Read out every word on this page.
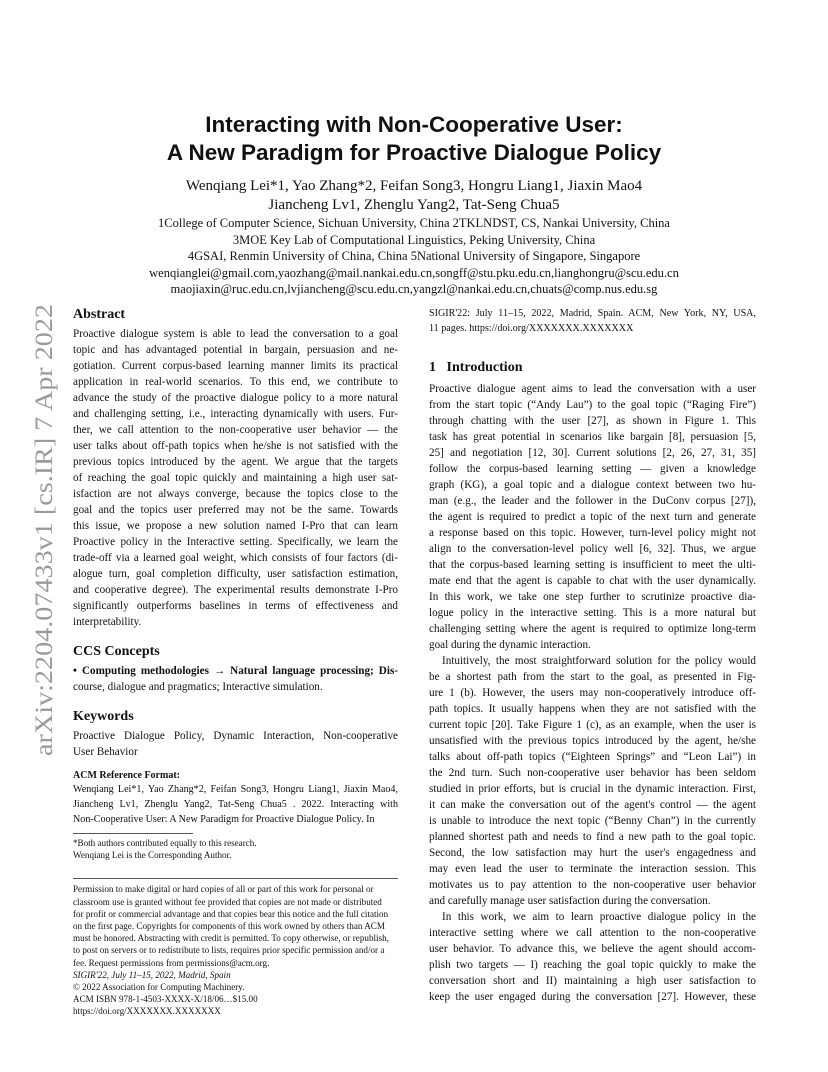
arXiv:2204.07433v1 [cs.IR] 7 Apr 2022
Interacting with Non-Cooperative User:
A New Paradigm for Proactive Dialogue Policy
Wenqiang Lei*1, Yao Zhang*2, Feifan Song3, Hongru Liang1, Jiaxin Mao4
Jiancheng Lv1, Zhenglu Yang2, Tat-Seng Chua5
1College of Computer Science, Sichuan University, China 2TKLNDST, CS, Nankai University, China
3MOE Key Lab of Computational Linguistics, Peking University, China
4GSAI, Renmin University of China, China 5National University of Singapore, Singapore
wenqianglei@gmail.com,yaozhang@mail.nankai.edu.cn,songff@stu.pku.edu.cn,lianghongru@scu.edu.cn
maojiaxin@ruc.edu.cn,lvjiancheng@scu.edu.cn,yangzl@nankai.edu.cn,chuats@comp.nus.edu.sg
Abstract

Proactive dialogue system is able to lead the conversation to a goal
topic and has advantaged potential in bargain, persuasion and ne-
gotiation. Current corpus-based learning manner limits its practical
application in real-world scenarios. To this end, we contribute to
advance the study of the proactive dialogue policy to a more natural
and challenging setting, i.e., interacting dynamically with users. Fur-
ther, we call attention to the non-cooperative user behavior — the
user talks about off-path topics when he/she is not satisfied with the
previous topics introduced by the agent. We argue that the targets
of reaching the goal topic quickly and maintaining a high user sat-
isfaction are not always converge, because the topics close to the
goal and the topics user preferred may not be the same. Towards
this issue, we propose a new solution named I-Pro that can learn
Proactive policy in the Interactive setting. Specifically, we learn the
trade-off via a learned goal weight, which consists of four factors (di-
alogue turn, goal completion difficulty, user satisfaction estimation,
and cooperative degree). The experimental results demonstrate I-Pro
significantly outperforms baselines in terms of effectiveness and
interpretability.

CCS Concepts

• Computing methodologies → Natural language processing; Dis-
course, dialogue and pragmatics; Interactive simulation.

Keywords

Proactive Dialogue Policy, Dynamic Interaction, Non-cooperative
User Behavior

ACM Reference Format:

Wenqiang Lei*1, Yao Zhang*2, Feifan Song3, Hongru Liang1, Jiaxin Mao4,
Jiancheng Lv1, Zhenglu Yang2, Tat-Seng Chua5 . 2022. Interacting with
Non-Cooperative User: A New Paradigm for Proactive Dialogue Policy. In

*Both authors contributed equally to this research.
Wenqiang Lei is the Corresponding Author.
Permission to make digital or hard copies of all or part of this work for personal or
classroom use is granted without fee provided that copies are not made or distributed
for profit or commercial advantage and that copies bear this notice and the full citation
on the first page. Copyrights for components of this work owned by others than ACM
must be honored. Abstracting with credit is permitted. To copy otherwise, or republish,
to post on servers or to redistribute to lists, requires prior specific permission and/or a
fee. Request permissions from permissions@acm.org.
SIGIR'22, July 11–15, 2022, Madrid, Spain
© 2022 Association for Computing Machinery.
ACM ISBN 978-1-4503-XXXX-X/18/06…$15.00
https://doi.org/XXXXXXX.XXXXXXX

SIGIR'22: July 11–15, 2022, Madrid, Spain. ACM, New York, NY, USA,
11 pages. https://doi.org/XXXXXXX.XXXXXXX

1   Introduction

Proactive dialogue agent aims to lead the conversation with a user
from the start topic (“Andy Lau”) to the goal topic (“Raging Fire”)
through chatting with the user [27], as shown in Figure 1. This
task has great potential in scenarios like bargain [8], persuasion [5,
25] and negotiation [12, 30]. Current solutions [2, 26, 27, 31, 35]
follow the corpus-based learning setting — given a knowledge
graph (KG), a goal topic and a dialogue context between two hu-
man (e.g., the leader and the follower in the DuConv corpus [27]),
the agent is required to predict a topic of the next turn and generate
a response based on this topic. However, turn-level policy might not
align to the conversation-level policy well [6, 32]. Thus, we argue
that the corpus-based learning setting is insufficient to meet the ulti-
mate end that the agent is capable to chat with the user dynamically.
In this work, we take one step further to scrutinize proactive dia-
logue policy in the interactive setting. This is a more natural but
challenging setting where the agent is required to optimize long-term
goal during the dynamic interaction.

Intuitively, the most straightforward solution for the policy would
be a shortest path from the start to the goal, as presented in Fig-
ure 1 (b). However, the users may non-cooperatively introduce off-
path topics. It usually happens when they are not satisfied with the
current topic [20]. Take Figure 1 (c), as an example, when the user is
unsatisfied with the previous topics introduced by the agent, he/she
talks about off-path topics (“Eighteen Springs” and “Leon Lai”) in
the 2nd turn. Such non-cooperative user behavior has been seldom
studied in prior efforts, but is crucial in the dynamic interaction. First,
it can make the conversation out of the agent's control — the agent
is unable to introduce the next topic (“Benny Chan”) in the currently
planned shortest path and needs to find a new path to the goal topic.
Second, the low satisfaction may hurt the user's engagedness and
may even lead the user to terminate the interaction session. This
motivates us to pay attention to the non-cooperative user behavior
and carefully manage user satisfaction during the conversation.

In this work, we aim to learn proactive dialogue policy in the
interactive setting where we call attention to the non-cooperative
user behavior. To advance this, we believe the agent should accom-
plish two targets — I) reaching the goal topic quickly to make the
conversation short and II) maintaining a high user satisfaction to
keep the user engaged during the conversation [27]. However, these
